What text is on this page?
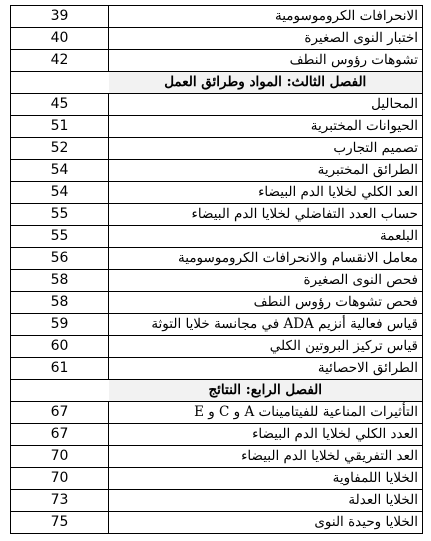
39	الانحرافات الكروموسومية
40	اختبار النوى الصغيرة
42	تشوهات رؤوس النطف
	الفصل الثالث: المواد وطرائق العمل
45	المحاليل
51	الحيوانات المختبرية
52	تصميم التجارب
54	الطرائق المختبرية
54	العد الكلي لخلايا الدم البيضاء
55	حساب العدد التفاضلي لخلايا الدم البيضاء
55	البلعمة
56	معامل الانقسام والانحرافات الكروموسومية
58	فحص النوى الصغيرة
58	فحص تشوهات رؤوس النطف
59	قياس فعالية أنزيم ADA في مجانسة خلايا التوثة
60	قياس تركيز البروتين الكلي
61	الطرائق الاحصائية
	الفصل الرابع: النتائج
67	التأثيرات المناعية للفيتامينات A و C و E
67	العدد الكلي لخلايا الدم البيضاء
70	العد التفريقي لخلايا الدم البيضاء
70	الخلايا اللمفاوية
73	الخلايا العدلة
75	الخلايا وحيدة النوى
